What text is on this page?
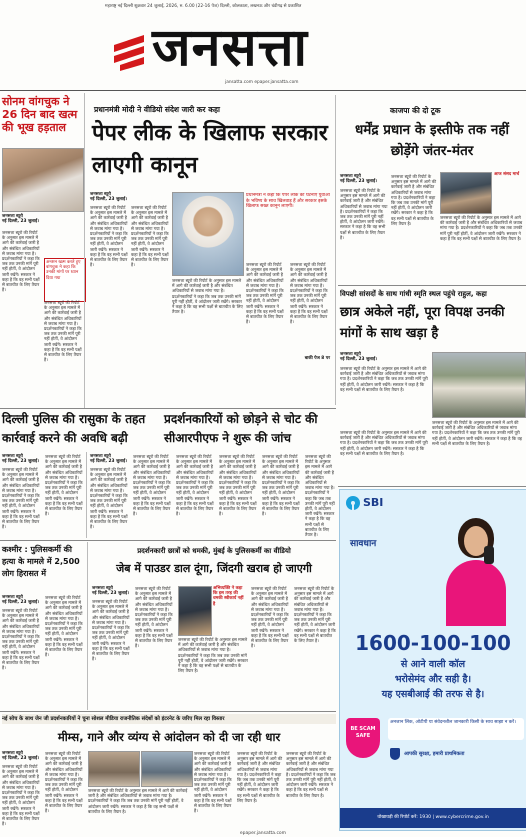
महाराष्ट्र नई दिल्ली शुक्रवार 24 जुलाई, 2026, रु. 6.00 (22-16 पेज) दिल्ली, कोलकाता, लखनऊ और चंडीगढ़ से प्रकाशित
जनसत्ता
jansatta.com epaper.jansatta.com
सोनम वांगचुक ने 26 दिन बाद खत्म की भूख हड़ताल
जनसत्ता ब्यूरो
नई दिल्ली, 23 जुलाई।
अनशन खत्म करते हुए वांगचुक ने कहा कि उनकी मांगों पर ध्यान दिया गया
जनसत्ता ब्यूरो की रिपोर्ट के अनुसार इस मामले में आगे की कार्रवाई जारी है और संबंधित अधिकारियों से जवाब मांगा गया है। प्रदर्शनकारियों ने कहा कि जब तक उनकी मांगें पूरी नहीं होतीं, वे आंदोलन जारी रखेंगे। सरकार ने कहा है कि वह सभी पक्षों से बातचीत के लिए तैयार है।
जनसत्ता ब्यूरो की रिपोर्ट के अनुसार इस मामले में आगे की कार्रवाई जारी है और संबंधित अधिकारियों से जवाब मांगा गया है। प्रदर्शनकारियों ने कहा कि जब तक उनकी मांगें पूरी नहीं होतीं, वे आंदोलन जारी रखेंगे। सरकार ने कहा है कि वह सभी पक्षों से बातचीत के लिए तैयार है।
प्रधानमंत्री मोदी ने वीडियो संदेश जारी कर कहा
पेपर लीक के खिलाफ सरकार लाएगी कानून
जनसत्ता ब्यूरो
नई दिल्ली, 23 जुलाई।
जनसत्ता ब्यूरो की रिपोर्ट के अनुसार इस मामले में आगे की कार्रवाई जारी है और संबंधित अधिकारियों से जवाब मांगा गया है। प्रदर्शनकारियों ने कहा कि जब तक उनकी मांगें पूरी नहीं होतीं, वे आंदोलन जारी रखेंगे। सरकार ने कहा है कि वह सभी पक्षों से बातचीत के लिए तैयार है।
जनसत्ता ब्यूरो की रिपोर्ट के अनुसार इस मामले में आगे की कार्रवाई जारी है और संबंधित अधिकारियों से जवाब मांगा गया है। प्रदर्शनकारियों ने कहा कि जब तक उनकी मांगें पूरी नहीं होतीं, वे आंदोलन जारी रखेंगे। सरकार ने कहा है कि वह सभी पक्षों से बातचीत के लिए तैयार है।
प्रधानमंत्री ने कहा कि पेपर लीक की घटनाएं युवाओं के भविष्य के साथ खिलवाड़ हैं और सरकार इसके खिलाफ सख्त कानून लाएगी।
जनसत्ता ब्यूरो की रिपोर्ट के अनुसार इस मामले में आगे की कार्रवाई जारी है और संबंधित अधिकारियों से जवाब मांगा गया है। प्रदर्शनकारियों ने कहा कि जब तक उनकी मांगें पूरी नहीं होतीं, वे आंदोलन जारी रखेंगे। सरकार ने कहा है कि वह सभी पक्षों से बातचीत के लिए तैयार है।
जनसत्ता ब्यूरो की रिपोर्ट के अनुसार इस मामले में आगे की कार्रवाई जारी है और संबंधित अधिकारियों से जवाब मांगा गया है। प्रदर्शनकारियों ने कहा कि जब तक उनकी मांगें पूरी नहीं होतीं, वे आंदोलन जारी रखेंगे। सरकार ने कहा है कि वह सभी पक्षों से बातचीत के लिए तैयार है।
जनसत्ता ब्यूरो की रिपोर्ट के अनुसार इस मामले में आगे की कार्रवाई जारी है और संबंधित अधिकारियों से जवाब मांगा गया है। प्रदर्शनकारियों ने कहा कि जब तक उनकी मांगें पूरी नहीं होतीं, वे आंदोलन जारी रखेंगे। सरकार ने कहा है कि वह सभी पक्षों से बातचीत के लिए तैयार है।
बाकी पेज 8 पर
काजपा की दो टूक
धर्मेंद्र प्रधान के इस्तीफे तक नहीं छोड़ेंगे जंतर-मंतर
जनसत्ता ब्यूरो
नई दिल्ली, 23 जुलाई।
जनसत्ता ब्यूरो की रिपोर्ट के अनुसार इस मामले में आगे की कार्रवाई जारी है और संबंधित अधिकारियों से जवाब मांगा गया है। प्रदर्शनकारियों ने कहा कि जब तक उनकी मांगें पूरी नहीं होतीं, वे आंदोलन जारी रखेंगे। सरकार ने कहा है कि वह सभी पक्षों से बातचीत के लिए तैयार है।
जनसत्ता ब्यूरो की रिपोर्ट के अनुसार इस मामले में आगे की कार्रवाई जारी है और संबंधित अधिकारियों से जवाब मांगा गया है। प्रदर्शनकारियों ने कहा कि जब तक उनकी मांगें पूरी नहीं होतीं, वे आंदोलन जारी रखेंगे। सरकार ने कहा है कि वह सभी पक्षों से बातचीत के लिए तैयार है।
आज संसद मार्च
जनसत्ता ब्यूरो की रिपोर्ट के अनुसार इस मामले में आगे की कार्रवाई जारी है और संबंधित अधिकारियों से जवाब मांगा गया है। प्रदर्शनकारियों ने कहा कि जब तक उनकी मांगें पूरी नहीं होतीं, वे आंदोलन जारी रखेंगे। सरकार ने कहा है कि वह सभी पक्षों से बातचीत के लिए तैयार है।
विपक्षी सांसदों के साथ गांधी स्मृति स्थल पहुंचे राहुल, कहा
छात्र अकेले नहीं, पूरा विपक्ष उनकी मांगों के साथ खड़ा है
जनसत्ता ब्यूरो
नई दिल्ली, 23 जुलाई।
जनसत्ता ब्यूरो की रिपोर्ट के अनुसार इस मामले में आगे की कार्रवाई जारी है और संबंधित अधिकारियों से जवाब मांगा गया है। प्रदर्शनकारियों ने कहा कि जब तक उनकी मांगें पूरी नहीं होतीं, वे आंदोलन जारी रखेंगे। सरकार ने कहा है कि वह सभी पक्षों से बातचीत के लिए तैयार है।
जनसत्ता ब्यूरो की रिपोर्ट के अनुसार इस मामले में आगे की कार्रवाई जारी है और संबंधित अधिकारियों से जवाब मांगा गया है। प्रदर्शनकारियों ने कहा कि जब तक उनकी मांगें पूरी नहीं होतीं, वे आंदोलन जारी रखेंगे। सरकार ने कहा है कि वह सभी पक्षों से बातचीत के लिए तैयार है।
जनसत्ता ब्यूरो की रिपोर्ट के अनुसार इस मामले में आगे की कार्रवाई जारी है और संबंधित अधिकारियों से जवाब मांगा गया है। प्रदर्शनकारियों ने कहा कि जब तक उनकी मांगें पूरी नहीं होतीं, वे आंदोलन जारी रखेंगे। सरकार ने कहा है कि वह सभी पक्षों से बातचीत के लिए तैयार है।
दिल्ली पुलिस की रासुका के तहत कार्रवाई करने की अवधि बढ़ी
जनसत्ता ब्यूरो
नई दिल्ली, 23 जुलाई।
जनसत्ता ब्यूरो की रिपोर्ट के अनुसार इस मामले में आगे की कार्रवाई जारी है और संबंधित अधिकारियों से जवाब मांगा गया है। प्रदर्शनकारियों ने कहा कि जब तक उनकी मांगें पूरी नहीं होतीं, वे आंदोलन जारी रखेंगे। सरकार ने कहा है कि वह सभी पक्षों से बातचीत के लिए तैयार है।
जनसत्ता ब्यूरो की रिपोर्ट के अनुसार इस मामले में आगे की कार्रवाई जारी है और संबंधित अधिकारियों से जवाब मांगा गया है। प्रदर्शनकारियों ने कहा कि जब तक उनकी मांगें पूरी नहीं होतीं, वे आंदोलन जारी रखेंगे। सरकार ने कहा है कि वह सभी पक्षों से बातचीत के लिए तैयार है।
प्रदर्शनकारियों को छोड़ने से चोट की सीआरपीएफ ने शुरू की जांच
जनसत्ता ब्यूरो
नई दिल्ली, 23 जुलाई।
जनसत्ता ब्यूरो की रिपोर्ट के अनुसार इस मामले में आगे की कार्रवाई जारी है और संबंधित अधिकारियों से जवाब मांगा गया है। प्रदर्शनकारियों ने कहा कि जब तक उनकी मांगें पूरी नहीं होतीं, वे आंदोलन जारी रखेंगे। सरकार ने कहा है कि वह सभी पक्षों से बातचीत के लिए तैयार है।
जनसत्ता ब्यूरो की रिपोर्ट के अनुसार इस मामले में आगे की कार्रवाई जारी है और संबंधित अधिकारियों से जवाब मांगा गया है। प्रदर्शनकारियों ने कहा कि जब तक उनकी मांगें पूरी नहीं होतीं, वे आंदोलन जारी रखेंगे। सरकार ने कहा है कि वह सभी पक्षों से बातचीत के लिए तैयार है।
जनसत्ता ब्यूरो की रिपोर्ट के अनुसार इस मामले में आगे की कार्रवाई जारी है और संबंधित अधिकारियों से जवाब मांगा गया है। प्रदर्शनकारियों ने कहा कि जब तक उनकी मांगें पूरी नहीं होतीं, वे आंदोलन जारी रखेंगे। सरकार ने कहा है कि वह सभी पक्षों से बातचीत के लिए तैयार है।
जनसत्ता ब्यूरो की रिपोर्ट के अनुसार इस मामले में आगे की कार्रवाई जारी है और संबंधित अधिकारियों से जवाब मांगा गया है। प्रदर्शनकारियों ने कहा कि जब तक उनकी मांगें पूरी नहीं होतीं, वे आंदोलन जारी रखेंगे। सरकार ने कहा है कि वह सभी पक्षों से बातचीत के लिए तैयार है।
जनसत्ता ब्यूरो की रिपोर्ट के अनुसार इस मामले में आगे की कार्रवाई जारी है और संबंधित अधिकारियों से जवाब मांगा गया है। प्रदर्शनकारियों ने कहा कि जब तक उनकी मांगें पूरी नहीं होतीं, वे आंदोलन जारी रखेंगे। सरकार ने कहा है कि वह सभी पक्षों से बातचीत के लिए तैयार है।
जनसत्ता ब्यूरो की रिपोर्ट के अनुसार इस मामले में आगे की कार्रवाई जारी है और संबंधित अधिकारियों से जवाब मांगा गया है। प्रदर्शनकारियों ने कहा कि जब तक उनकी मांगें पूरी नहीं होतीं, वे आंदोलन जारी रखेंगे। सरकार ने कहा है कि वह सभी पक्षों से बातचीत के लिए तैयार है।
कश्मीर : पुलिसकर्मी की हत्या के मामले में 2,500 लोग हिरासत में
जनसत्ता ब्यूरो
नई दिल्ली, 23 जुलाई।
जनसत्ता ब्यूरो की रिपोर्ट के अनुसार इस मामले में आगे की कार्रवाई जारी है और संबंधित अधिकारियों से जवाब मांगा गया है। प्रदर्शनकारियों ने कहा कि जब तक उनकी मांगें पूरी नहीं होतीं, वे आंदोलन जारी रखेंगे। सरकार ने कहा है कि वह सभी पक्षों से बातचीत के लिए तैयार है।
जनसत्ता ब्यूरो की रिपोर्ट के अनुसार इस मामले में आगे की कार्रवाई जारी है और संबंधित अधिकारियों से जवाब मांगा गया है। प्रदर्शनकारियों ने कहा कि जब तक उनकी मांगें पूरी नहीं होतीं, वे आंदोलन जारी रखेंगे। सरकार ने कहा है कि वह सभी पक्षों से बातचीत के लिए तैयार है।
प्रदर्शनकारी छात्रों को धमकी, मुंबई के पुलिसकर्मी का वीडियो
जेब में पाउडर डाल दूंगा, जिंदगी खराब हो जाएगी
जनसत्ता ब्यूरो
नई दिल्ली, 23 जुलाई।
जनसत्ता ब्यूरो की रिपोर्ट के अनुसार इस मामले में आगे की कार्रवाई जारी है और संबंधित अधिकारियों से जवाब मांगा गया है। प्रदर्शनकारियों ने कहा कि जब तक उनकी मांगें पूरी नहीं होतीं, वे आंदोलन जारी रखेंगे। सरकार ने कहा है कि वह सभी पक्षों से बातचीत के लिए तैयार है।
जनसत्ता ब्यूरो की रिपोर्ट के अनुसार इस मामले में आगे की कार्रवाई जारी है और संबंधित अधिकारियों से जवाब मांगा गया है। प्रदर्शनकारियों ने कहा कि जब तक उनकी मांगें पूरी नहीं होतीं, वे आंदोलन जारी रखेंगे। सरकार ने कहा है कि वह सभी पक्षों से बातचीत के लिए तैयार है।
अभिव्यक्ति ने कहा कि इस तरह की धमकी स्वीकार्य नहीं है
जनसत्ता ब्यूरो की रिपोर्ट के अनुसार इस मामले में आगे की कार्रवाई जारी है और संबंधित अधिकारियों से जवाब मांगा गया है। प्रदर्शनकारियों ने कहा कि जब तक उनकी मांगें पूरी नहीं होतीं, वे आंदोलन जारी रखेंगे। सरकार ने कहा है कि वह सभी पक्षों से बातचीत के लिए तैयार है।
जनसत्ता ब्यूरो की रिपोर्ट के अनुसार इस मामले में आगे की कार्रवाई जारी है और संबंधित अधिकारियों से जवाब मांगा गया है। प्रदर्शनकारियों ने कहा कि जब तक उनकी मांगें पूरी नहीं होतीं, वे आंदोलन जारी रखेंगे। सरकार ने कहा है कि वह सभी पक्षों से बातचीत के लिए तैयार है।
जनसत्ता ब्यूरो की रिपोर्ट के अनुसार इस मामले में आगे की कार्रवाई जारी है और संबंधित अधिकारियों से जवाब मांगा गया है। प्रदर्शनकारियों ने कहा कि जब तक उनकी मांगें पूरी नहीं होतीं, वे आंदोलन जारी रखेंगे। सरकार ने कहा है कि वह सभी पक्षों से बातचीत के लिए तैयार है।
नई सोच के साथ जेन जी प्रदर्शनकारियों ने चुना सोशल मीडिया राजनीतिक संदेशों को इंटरनेट के जरिए मिल रहा विस्तार
मीम्स, गाने और व्यंग्य से आंदोलन को दी जा रही धार
जनसत्ता ब्यूरो
नई दिल्ली, 23 जुलाई।
जनसत्ता ब्यूरो की रिपोर्ट के अनुसार इस मामले में आगे की कार्रवाई जारी है और संबंधित अधिकारियों से जवाब मांगा गया है। प्रदर्शनकारियों ने कहा कि जब तक उनकी मांगें पूरी नहीं होतीं, वे आंदोलन जारी रखेंगे। सरकार ने कहा है कि वह सभी पक्षों से बातचीत के लिए तैयार है।
जनसत्ता ब्यूरो की रिपोर्ट के अनुसार इस मामले में आगे की कार्रवाई जारी है और संबंधित अधिकारियों से जवाब मांगा गया है। प्रदर्शनकारियों ने कहा कि जब तक उनकी मांगें पूरी नहीं होतीं, वे आंदोलन जारी रखेंगे। सरकार ने कहा है कि वह सभी पक्षों से बातचीत के लिए तैयार है।
जनसत्ता ब्यूरो की रिपोर्ट के अनुसार इस मामले में आगे की कार्रवाई जारी है और संबंधित अधिकारियों से जवाब मांगा गया है। प्रदर्शनकारियों ने कहा कि जब तक उनकी मांगें पूरी नहीं होतीं, वे आंदोलन जारी रखेंगे। सरकार ने कहा है कि वह सभी पक्षों से बातचीत के लिए तैयार है।
जनसत्ता ब्यूरो की रिपोर्ट के अनुसार इस मामले में आगे की कार्रवाई जारी है और संबंधित अधिकारियों से जवाब मांगा गया है। प्रदर्शनकारियों ने कहा कि जब तक उनकी मांगें पूरी नहीं होतीं, वे आंदोलन जारी रखेंगे। सरकार ने कहा है कि वह सभी पक्षों से बातचीत के लिए तैयार है।
जनसत्ता ब्यूरो की रिपोर्ट के अनुसार इस मामले में आगे की कार्रवाई जारी है और संबंधित अधिकारियों से जवाब मांगा गया है। प्रदर्शनकारियों ने कहा कि जब तक उनकी मांगें पूरी नहीं होतीं, वे आंदोलन जारी रखेंगे। सरकार ने कहा है कि वह सभी पक्षों से बातचीत के लिए तैयार है।
जनसत्ता ब्यूरो की रिपोर्ट के अनुसार इस मामले में आगे की कार्रवाई जारी है और संबंधित अधिकारियों से जवाब मांगा गया है। प्रदर्शनकारियों ने कहा कि जब तक उनकी मांगें पूरी नहीं होतीं, वे आंदोलन जारी रखेंगे। सरकार ने कहा है कि वह सभी पक्षों से बातचीत के लिए तैयार है।
SBI
सावधान
1600-100-100
से आने वाली कॉल
भरोसेमंद और सही है।
यह एसबीआई की तरफ से है।
BE SCAM SAFE
अनजान लिंक, ओटीपी या संवेदनशील जानकारी किसी के साथ साझा न करें।
आपकी सुरक्षा, हमारी प्राथमिकता
धोखाधड़ी की रिपोर्ट करें: 1930 | www.cybercrime.gov.in
epaper.jansatta.com
